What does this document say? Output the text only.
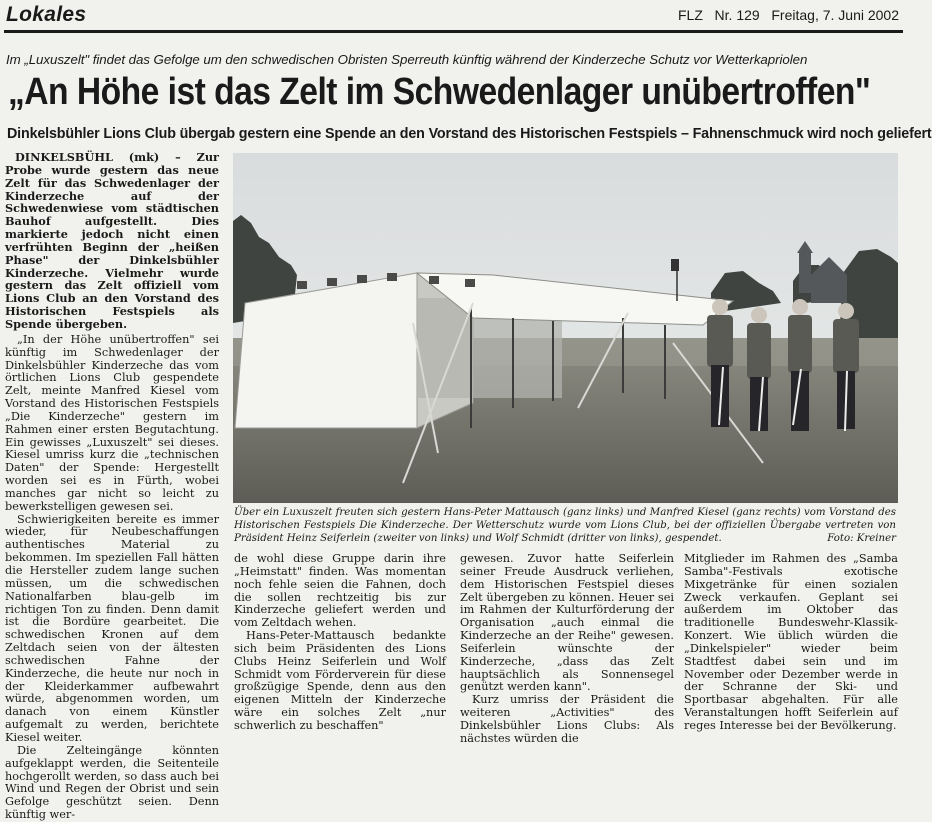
Lokales	FLZ   Nr. 129   Freitag, 7. Juni 2002
Im „Luxuszelt" findet das Gefolge um den schwedischen Obristen Sperreuth künftig während der Kinderzeche Schutz vor Wetterkapriolen
„An Höhe ist das Zelt im Schwedenlager unübertroffen"
Dinkelsbühler Lions Club übergab gestern eine Spende an den Vorstand des Historischen Festspiels – Fahnenschmuck wird noch geliefert

DINKELSBÜHL (mk) – Zur Probe wurde gestern das neue Zelt für das Schwedenlager der Kinderzeche auf der Schwedenwiese vom städtischen Bauhof aufgestellt. Dies markierte jedoch nicht einen verfrühten Beginn der „heißen Phase" der Dinkelsbühler Kinderzeche. Vielmehr wurde gestern das Zelt offiziell vom Lions Club an den Vorstand des Historischen Festspiels als Spende übergeben.

„In der Höhe unübertroffen" sei künftig im Schwedenlager der Dinkelsbühler Kinderzeche das vom örtlichen Lions Club gespendete Zelt, meinte Manfred Kiesel vom Vorstand des Historischen Festspiels „Die Kinderzeche" gestern im Rahmen einer ersten Begutachtung. Ein gewisses „Luxuszelt" sei dieses. Kiesel umriss kurz die „technischen Daten" der Spende: Hergestellt worden sei es in Fürth, wobei manches gar nicht so leicht zu bewerkstelligen gewesen sei.

Schwierigkeiten bereite es immer wieder, für Neubeschaffungen authentisches Material zu bekommen. Im speziellen Fall hätten die Hersteller zudem lange suchen müssen, um die schwedischen Nationalfarben blau-gelb im richtigen Ton zu finden. Denn damit ist die Bordüre gearbeitet. Die schwedischen Kronen auf dem Zeltdach seien von der ältesten schwedischen Fahne der Kinderzeche, die heute nur noch in der Kleiderkammer aufbewahrt würde, abgenommen worden, um danach von einem Künstler aufgemalt zu werden, berichtete Kiesel weiter.

Die Zelteingänge könnten aufgeklappt werden, die Seitenteile hochgerollt werden, so dass auch bei Wind und Regen der Obrist und sein Gefolge geschützt seien. Denn künftig wer-

Über ein Luxuszelt freuten sich gestern Hans-Peter Mattausch (ganz links) und Manfred Kiesel (ganz rechts) vom Vorstand des Historischen Festspiels Die Kinderzeche. Der Wetterschutz wurde vom Lions Club, bei der offiziellen Übergabe vertreten von Präsident Heinz Seiferlein (zweiter von links) und Wolf Schmidt (dritter von links), gespendet.	Foto: Kreiner

de wohl diese Gruppe darin ihre „Heimstatt" finden. Was momentan noch fehle seien die Fahnen, doch die sollen rechtzeitig bis zur Kinderzeche geliefert werden und vom Zeltdach wehen.

Hans-Peter-Mattausch bedankte sich beim Präsidenten des Lions Clubs Heinz Seiferlein und Wolf Schmidt vom Förderverein für diese großzügige Spende, denn aus den eigenen Mitteln der Kinderzeche wäre ein solches Zelt „nur schwerlich zu beschaffen"

gewesen. Zuvor hatte Seiferlein seiner Freude Ausdruck verliehen, dem Historischen Festspiel dieses Zelt übergeben zu können. Heuer sei im Rahmen der Kulturförderung der Organisation „auch einmal die Kinderzeche an der Reihe" gewesen. Seiferlein wünschte der Kinderzeche, „dass das Zelt hauptsächlich als Sonnensegel genützt werden kann".

Kurz umriss der Präsident die weiteren „Activities" des Dinkelsbühler Lions Clubs: Als nächstes würden die

Mitglieder im Rahmen des „Samba Samba"-Festivals exotische Mixgetränke für einen sozialen Zweck verkaufen. Geplant sei außerdem im Oktober das traditionelle Bundeswehr-Klassik-Konzert. Wie üblich würden die „Dinkelspieler" wieder beim Stadtfest dabei sein und im November oder Dezember werde in der Schranne der Ski- und Sportbasar abgehalten. Für alle Veranstaltungen hofft Seiferlein auf reges Interesse bei der Bevölkerung.
